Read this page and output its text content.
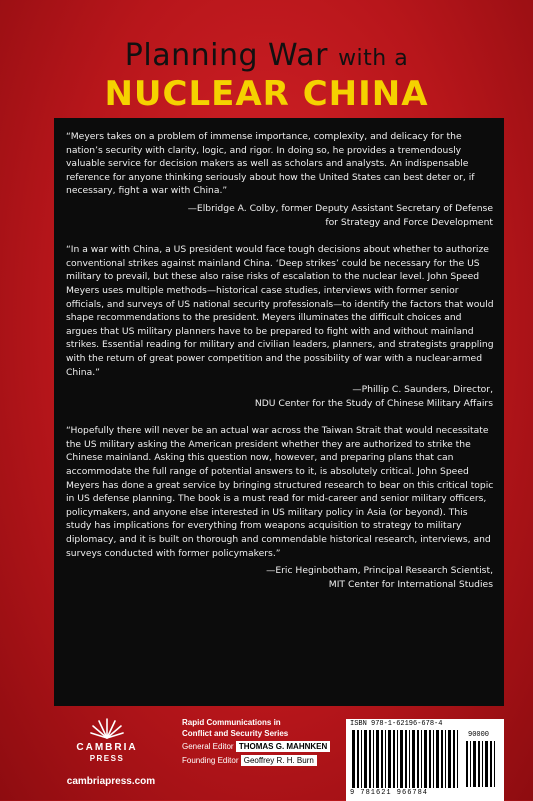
Planning War with a
NUCLEAR CHINA

“Meyers takes on a problem of immense importance, complexity, and delicacy for the nation’s security with clarity, logic, and rigor. In doing so, he provides a tremendously valuable service for decision makers as well as scholars and analysts. An indispensable reference for anyone thinking seriously about how the United States can best deter or, if necessary, fight a war with China.”

—Elbridge A. Colby, former Deputy Assistant Secretary of Defense
for Strategy and Force Development

“In a war with China, a US president would face tough decisions about whether to authorize conventional strikes against mainland China. ‘Deep strikes’ could be necessary for the US military to prevail, but these also raise risks of escalation to the nuclear level. John Speed Meyers uses multiple methods—historical case studies, interviews with former senior officials, and surveys of US national security professionals—to identify the factors that would shape recommendations to the president. Meyers illuminates the difficult choices and argues that US military planners have to be prepared to fight with and without mainland strikes. Essential reading for military and civilian leaders, planners, and strategists grappling with the return of great power competition and the possibility of war with a nuclear-armed China.”

—Phillip C. Saunders, Director,
NDU Center for the Study of Chinese Military Affairs

“Hopefully there will never be an actual war across the Taiwan Strait that would necessitate the US military asking the American president whether they are authorized to strike the Chinese mainland. Asking this question now, however, and preparing plans that can accommodate the full range of potential answers to it, is absolutely critical. John Speed Meyers has done a great service by bringing structured research to bear on this critical topic in US defense planning. The book is a must read for mid-career and senior military officers, policymakers, and anyone else interested in US military policy in Asia (or beyond). This study has implications for everything from weapons acquisition to strategy to military diplomacy, and it is built on thorough and commendable historical research, interviews, and surveys conducted with former policymakers.”

—Eric Heginbotham, Principal Research Scientist,
MIT Center for International Studies
CAMBRIA
PRESS
cambriapress.com
Rapid Communications in
Conflict and Security Series
General Editor THOMAS G. MAHNKEN
Founding Editor Geoffrey R. H. Burn
ISBN 978-1-62196-678-4
90000
9 781621 966784
